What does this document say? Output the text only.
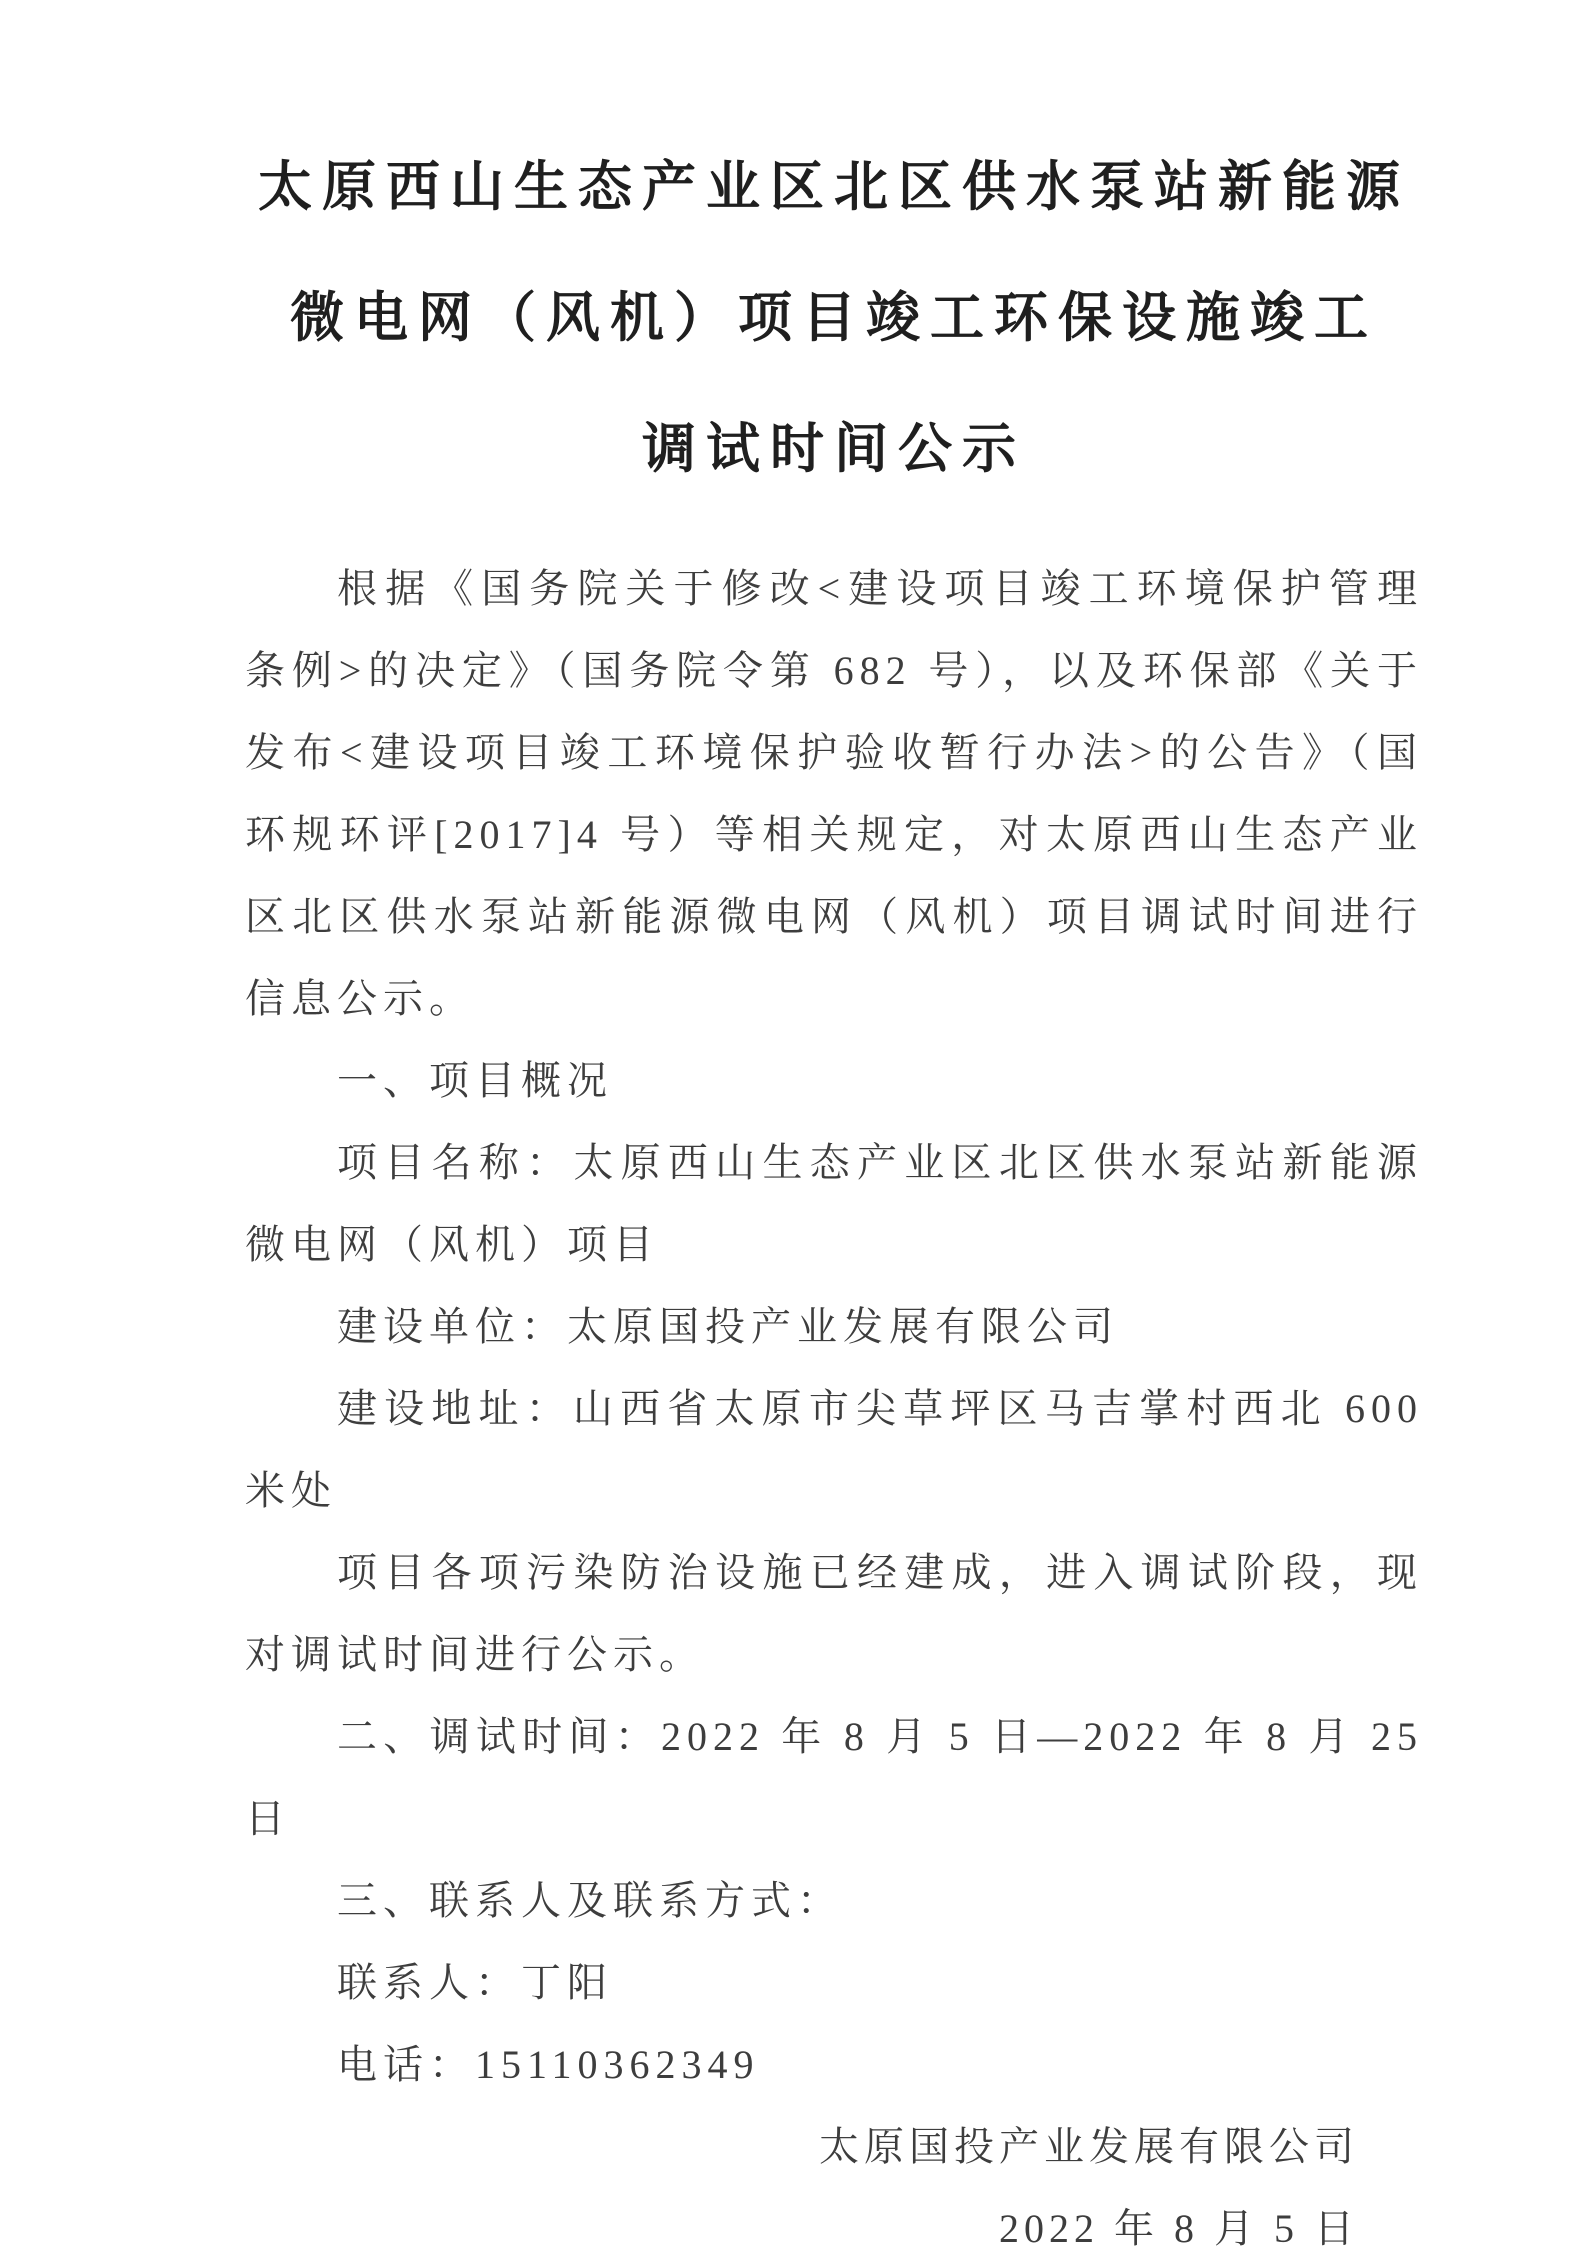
太原西山生态产业区北区供水泵站新能源
微电网（风机）项目竣工环保设施竣工
调试时间公示

根据《国务院关于修改<建设项目竣工环境保护管理条例>的决定》（国务院令第 682 号），以及环保部《关于发布<建设项目竣工环境保护验收暂行办法>的公告》（国环规环评[2017]4 号）等相关规定，对太原西山生态产业区北区供水泵站新能源微电网（风机）项目调试时间进行信息公示。

一、项目概况

项目名称：太原西山生态产业区北区供水泵站新能源微电网（风机）项目

建设单位：太原国投产业发展有限公司

建设地址：山西省太原市尖草坪区马吉掌村西北 600 米处

项目各项污染防治设施已经建成，进入调试阶段，现对调试时间进行公示。

二、调试时间：2022 年 8 月 5 日—2022 年 8 月 25 日

三、联系人及联系方式：

联系人：丁阳

电话：15110362349

太原国投产业发展有限公司

2022 年 8 月 5 日
